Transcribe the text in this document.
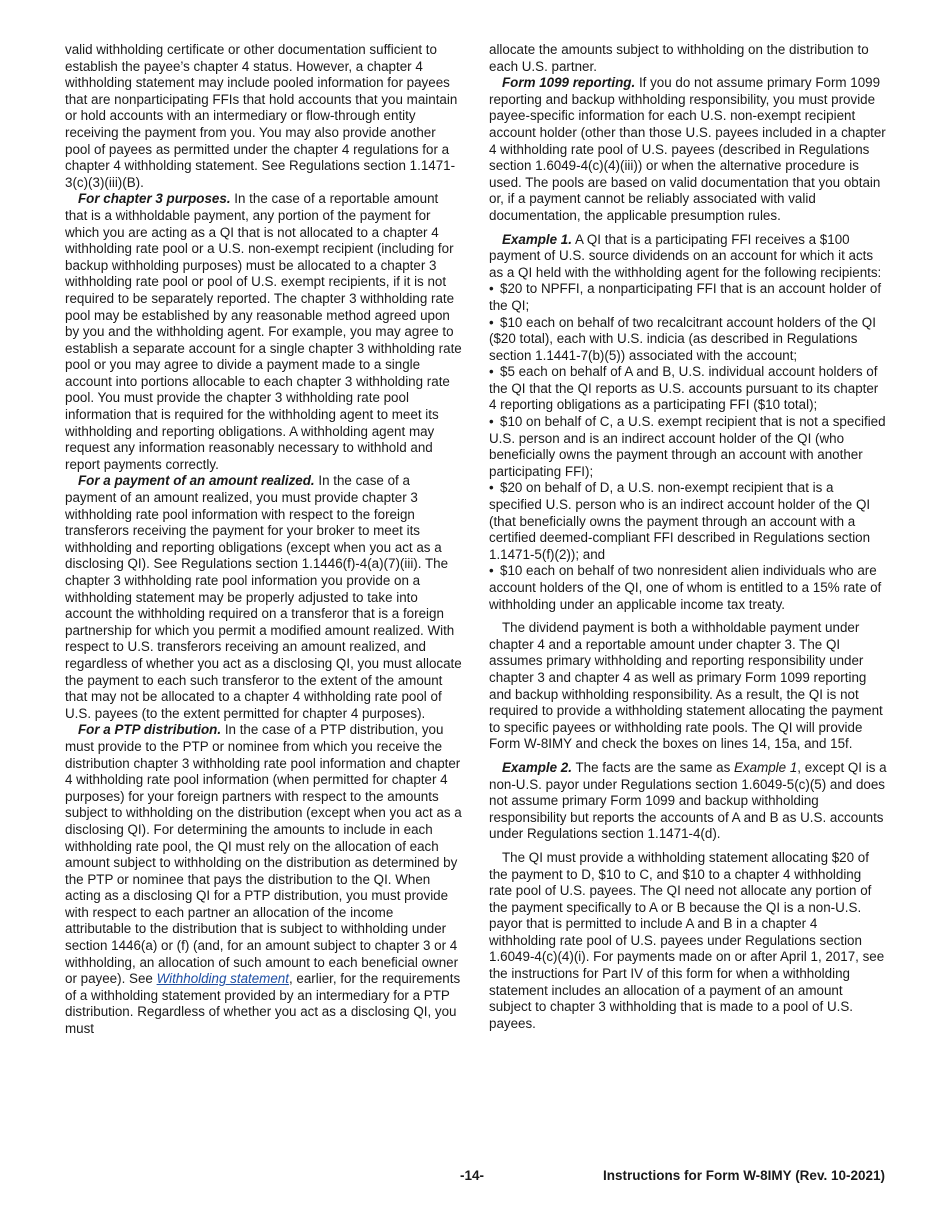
valid withholding certificate or other documentation sufficient to establish the payee’s chapter 4 status. However, a chapter 4 withholding statement may include pooled information for payees that are nonparticipating FFIs that hold accounts that you maintain or hold accounts with an intermediary or flow-through entity receiving the payment from you. You may also provide another pool of payees as permitted under the chapter 4 regulations for a chapter 4 withholding statement. See Regulations section 1.1471-3(c)(3)(iii)(B).

For chapter 3 purposes. In the case of a reportable amount that is a withholdable payment, any portion of the payment for which you are acting as a QI that is not allocated to a chapter 4 withholding rate pool or a U.S. non-exempt recipient (including for backup withholding purposes) must be allocated to a chapter 3 withholding rate pool or pool of U.S. exempt recipients, if it is not required to be separately reported. The chapter 3 withholding rate pool may be established by any reasonable method agreed upon by you and the withholding agent. For example, you may agree to establish a separate account for a single chapter 3 withholding rate pool or you may agree to divide a payment made to a single account into portions allocable to each chapter 3 withholding rate pool. You must provide the chapter 3 withholding rate pool information that is required for the withholding agent to meet its withholding and reporting obligations. A withholding agent may request any information reasonably necessary to withhold and report payments correctly.

For a payment of an amount realized. In the case of a payment of an amount realized, you must provide chapter 3 withholding rate pool information with respect to the foreign transferors receiving the payment for your broker to meet its withholding and reporting obligations (except when you act as a disclosing QI). See Regulations section 1.1446(f)-4(a)(7)(iii). The chapter 3 withholding rate pool information you provide on a withholding statement may be properly adjusted to take into account the withholding required on a transferor that is a foreign partnership for which you permit a modified amount realized. With respect to U.S. transferors receiving an amount realized, and regardless of whether you act as a disclosing QI, you must allocate the payment to each such transferor to the extent of the amount that may not be allocated to a chapter 4 withholding rate pool of U.S. payees (to the extent permitted for chapter 4 purposes).

For a PTP distribution. In the case of a PTP distribution, you must provide to the PTP or nominee from which you receive the distribution chapter 3 withholding rate pool information and chapter 4 withholding rate pool information (when permitted for chapter 4 purposes) for your foreign partners with respect to the amounts subject to withholding on the distribution (except when you act as a disclosing QI). For determining the amounts to include in each withholding rate pool, the QI must rely on the allocation of each amount subject to withholding on the distribution as determined by the PTP or nominee that pays the distribution to the QI. When acting as a disclosing QI for a PTP distribution, you must provide with respect to each partner an allocation of the income attributable to the distribution that is subject to withholding under section 1446(a) or (f) (and, for an amount subject to chapter 3 or 4 withholding, an allocation of such amount to each beneficial owner or payee). See Withholding statement, earlier, for the requirements of a withholding statement provided by an intermediary for a PTP distribution. Regardless of whether you act as a disclosing QI, you must

allocate the amounts subject to withholding on the distribution to each U.S. partner.

Form 1099 reporting. If you do not assume primary Form 1099 reporting and backup withholding responsibility, you must provide payee-specific information for each U.S. non-exempt recipient account holder (other than those U.S. payees included in a chapter 4 withholding rate pool of U.S. payees (described in Regulations section 1.6049-4(c)(4)(iii)) or when the alternative procedure is used. The pools are based on valid documentation that you obtain or, if a payment cannot be reliably associated with valid documentation, the applicable presumption rules.

Example 1. A QI that is a participating FFI receives a $100 payment of U.S. source dividends on an account for which it acts as a QI held with the withholding agent for the following recipients:

• $20 to NPFFI, a nonparticipating FFI that is an account holder of the QI;

• $10 each on behalf of two recalcitrant account holders of the QI ($20 total), each with U.S. indicia (as described in Regulations section 1.1441-7(b)(5)) associated with the account;

• $5 each on behalf of A and B, U.S. individual account holders of the QI that the QI reports as U.S. accounts pursuant to its chapter 4 reporting obligations as a participating FFI ($10 total);

• $10 on behalf of C, a U.S. exempt recipient that is not a specified U.S. person and is an indirect account holder of the QI (who beneficially owns the payment through an account with another participating FFI);

• $20 on behalf of D, a U.S. non-exempt recipient that is a specified U.S. person who is an indirect account holder of the QI (that beneficially owns the payment through an account with a certified deemed-compliant FFI described in Regulations section 1.1471-5(f)(2)); and

• $10 each on behalf of two nonresident alien individuals who are account holders of the QI, one of whom is entitled to a 15% rate of withholding under an applicable income tax treaty.

The dividend payment is both a withholdable payment under chapter 4 and a reportable amount under chapter 3. The QI assumes primary withholding and reporting responsibility under chapter 3 and chapter 4 as well as primary Form 1099 reporting and backup withholding responsibility. As a result, the QI is not required to provide a withholding statement allocating the payment to specific payees or withholding rate pools. The QI will provide Form W-8IMY and check the boxes on lines 14, 15a, and 15f.

Example 2. The facts are the same as Example 1, except QI is a non-U.S. payor under Regulations section 1.6049-5(c)(5) and does not assume primary Form 1099 and backup withholding responsibility but reports the accounts of A and B as U.S. accounts under Regulations section 1.1471-4(d).

The QI must provide a withholding statement allocating $20 of the payment to D, $10 to C, and $10 to a chapter 4 withholding rate pool of U.S. payees. The QI need not allocate any portion of the payment specifically to A or B because the QI is a non-U.S. payor that is permitted to include A and B in a chapter 4 withholding rate pool of U.S. payees under Regulations section 1.6049-4(c)(4)(i). For payments made on or after April 1, 2017, see the instructions for Part IV of this form for when a withholding statement includes an allocation of a payment of an amount subject to chapter 3 withholding that is made to a pool of U.S. payees.

-14-	Instructions for Form W-8IMY (Rev. 10-2021)
